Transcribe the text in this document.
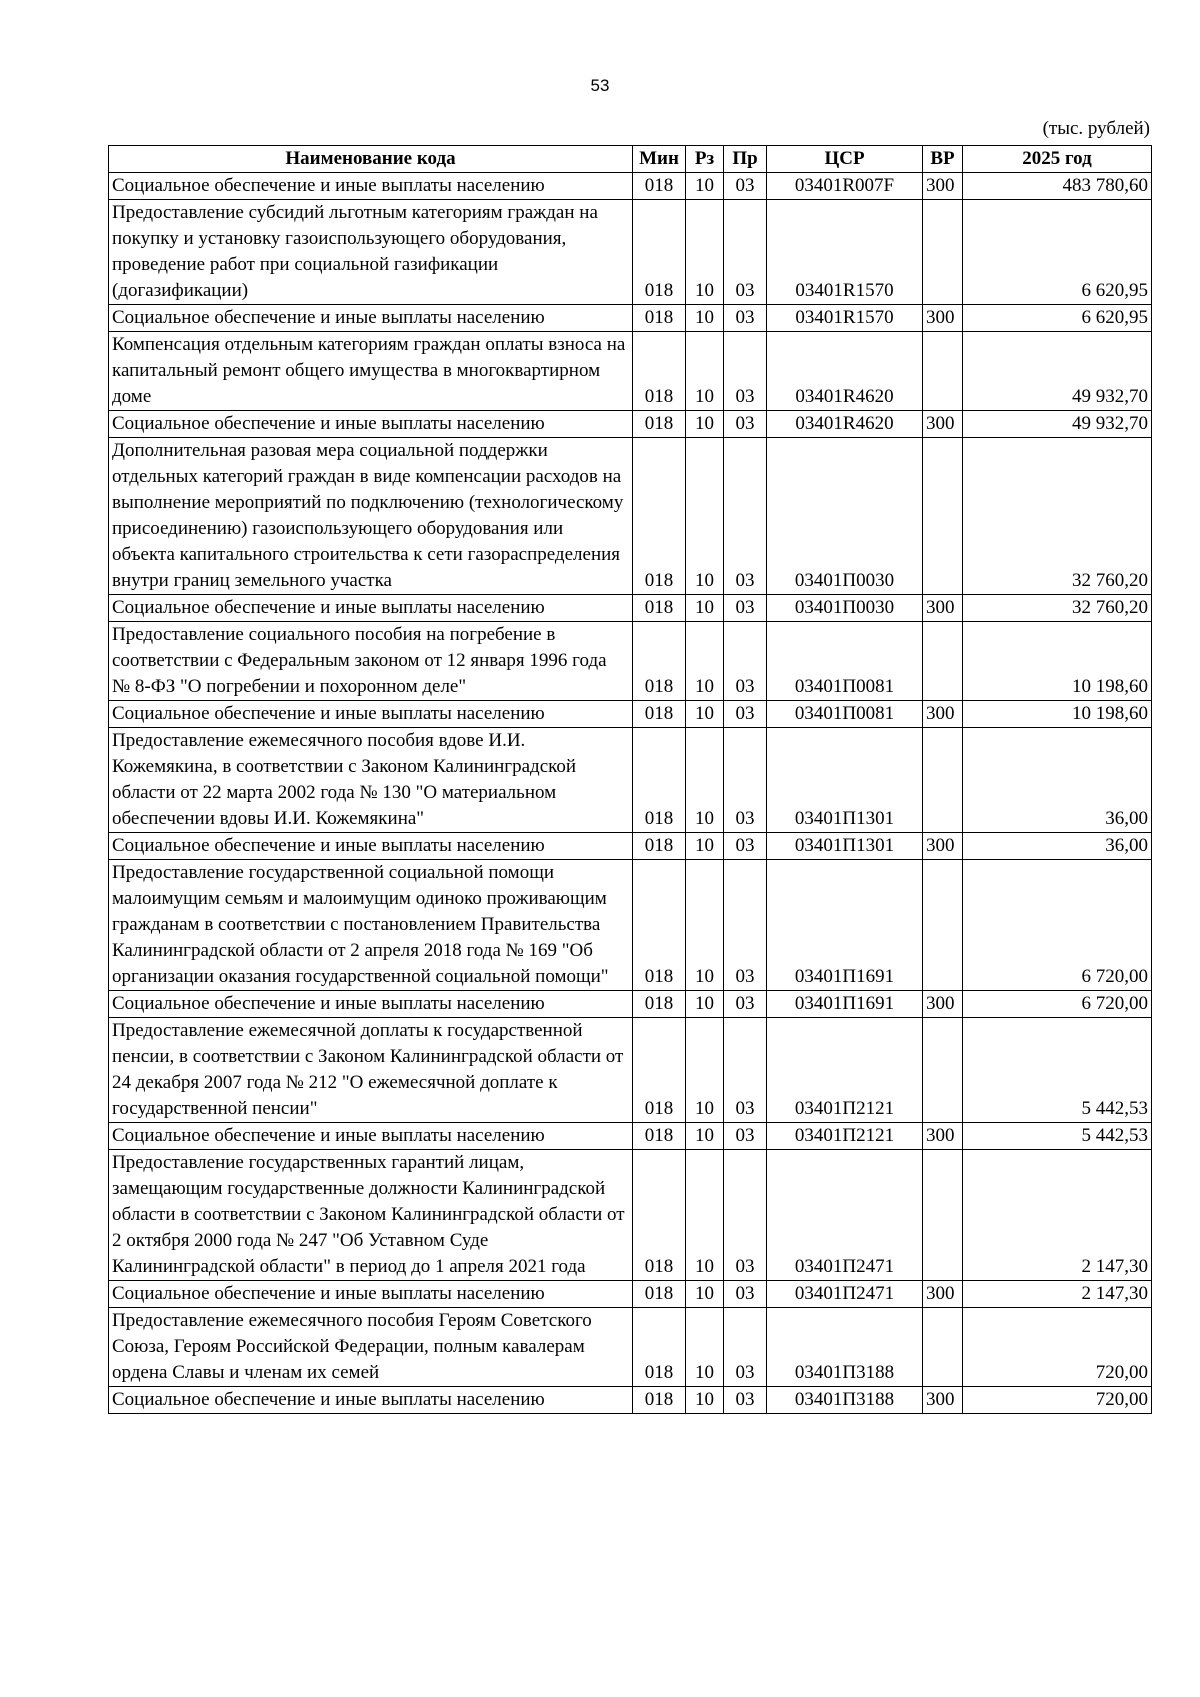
53
(тыс. рублей)
Наименование кода	Мин	Рз	Пр	ЦСР	ВР	2025 год
Социальное обеспечение и иные выплаты населению	018	10	03	03401R007F	300	483 780,60
Предоставление субсидий льготным категориям граждан на покупку и установку газоиспользующего оборудования, проведение работ при социальной газификации (догазификации)	018	10	03	03401R1570		6 620,95
Социальное обеспечение и иные выплаты населению	018	10	03	03401R1570	300	6 620,95
Компенсация отдельным категориям граждан оплаты взноса на капитальный ремонт общего имущества в многоквартирном доме	018	10	03	03401R4620		49 932,70
Социальное обеспечение и иные выплаты населению	018	10	03	03401R4620	300	49 932,70
Дополнительная разовая мера социальной поддержки отдельных категорий граждан в виде компенсации расходов на выполнение мероприятий по подключению (технологическому присоединению) газоиспользующего оборудования или объекта капитального строительства к сети газораспределения внутри границ земельного участка	018	10	03	03401П0030		32 760,20
Социальное обеспечение и иные выплаты населению	018	10	03	03401П0030	300	32 760,20
Предоставление социального пособия на погребение в соответствии с Федеральным законом от 12 января 1996 года № 8-ФЗ "О погребении и похоронном деле"	018	10	03	03401П0081		10 198,60
Социальное обеспечение и иные выплаты населению	018	10	03	03401П0081	300	10 198,60
Предоставление ежемесячного пособия вдове И.И. Кожемякина, в соответствии с Законом Калининградской области от 22 марта 2002 года № 130 "О материальном обеспечении вдовы И.И. Кожемякина"	018	10	03	03401П1301		36,00
Социальное обеспечение и иные выплаты населению	018	10	03	03401П1301	300	36,00
Предоставление государственной социальной помощи малоимущим семьям и малоимущим одиноко проживающим гражданам в соответствии с постановлением Правительства Калининградской области от 2 апреля 2018 года № 169 "Об организации оказания государственной социальной помощи"	018	10	03	03401П1691		6 720,00
Социальное обеспечение и иные выплаты населению	018	10	03	03401П1691	300	6 720,00
Предоставление ежемесячной доплаты к государственной пенсии, в соответствии с Законом Калининградской области от 24 декабря 2007 года № 212 "О ежемесячной доплате к государственной пенсии"	018	10	03	03401П2121		5 442,53
Социальное обеспечение и иные выплаты населению	018	10	03	03401П2121	300	5 442,53
Предоставление государственных гарантий лицам, замещающим государственные должности Калининградской области в соответствии с Законом Калининградской области от 2 октября 2000 года № 247 "Об Уставном Суде Калининградской области" в период до 1 апреля 2021 года	018	10	03	03401П2471		2 147,30
Социальное обеспечение и иные выплаты населению	018	10	03	03401П2471	300	2 147,30
Предоставление ежемесячного пособия Героям Советского Союза, Героям Российской Федерации, полным кавалерам ордена Славы и членам их семей	018	10	03	03401П3188		720,00
Социальное обеспечение и иные выплаты населению	018	10	03	03401П3188	300	720,00
